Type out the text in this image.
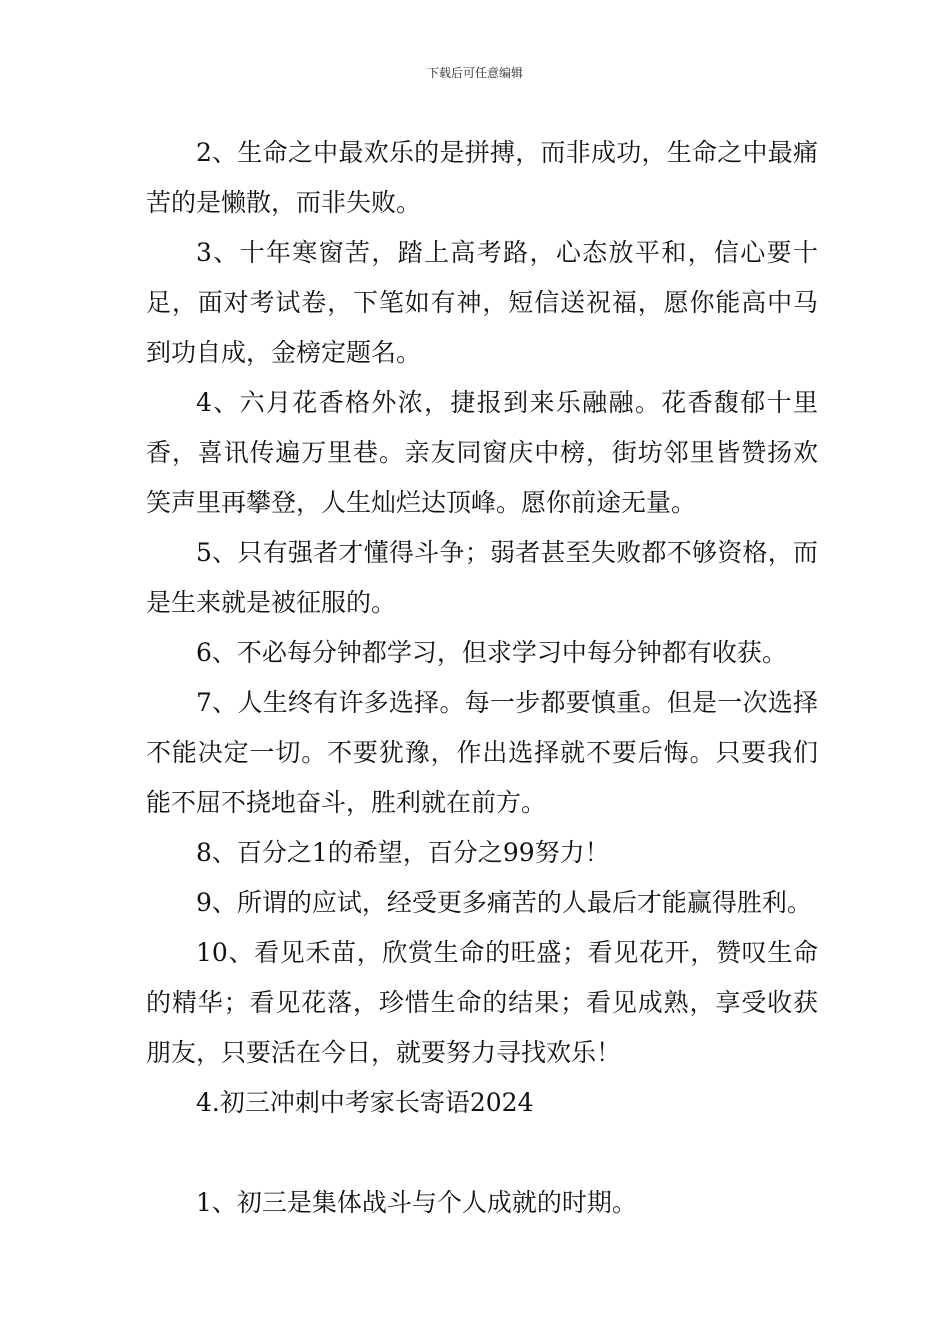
下载后可任意编辑

2、生命之中最欢乐的是拼搏，而非成功，生命之中最痛苦的是懒散，而非失败。

3、十年寒窗苦，踏上高考路，心态放平和，信心要十足，面对考试卷，下笔如有神，短信送祝福，愿你能高中马到功自成，金榜定题名。

4、六月花香格外浓，捷报到来乐融融。花香馥郁十里香，喜讯传遍万里巷。亲友同窗庆中榜，街坊邻里皆赞扬欢笑声里再攀登，人生灿烂达顶峰。愿你前途无量。

5、只有强者才懂得斗争；弱者甚至失败都不够资格，而是生来就是被征服的。

6、不必每分钟都学习，但求学习中每分钟都有收获。

7、人生终有许多选择。每一步都要慎重。但是一次选择不能决定一切。不要犹豫，作出选择就不要后悔。只要我们能不屈不挠地奋斗，胜利就在前方。

8、百分之1的希望，百分之99努力！

9、所谓的应试，经受更多痛苦的人最后才能赢得胜利。

10、看见禾苗，欣赏生命的旺盛；看见花开，赞叹生命的精华；看见花落，珍惜生命的结果；看见成熟，享受收获朋友，只要活在今日，就要努力寻找欢乐！

4.初三冲刺中考家长寄语2024

1、初三是集体战斗与个人成就的时期。
